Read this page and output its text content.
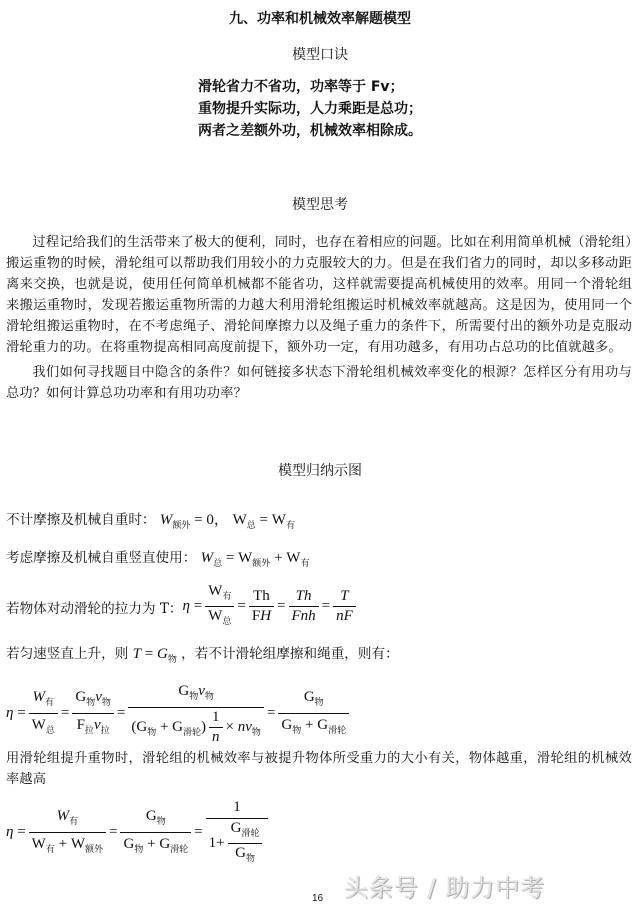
九、功率和机械效率解题模型
模型口诀
滑轮省力不省功，功率等于 Fv；
重物提升实际功，人力乘距是总功；
两者之差额外功，机械效率相除成。
模型思考
过程记给我们的生活带来了极大的便利，同时，也存在着相应的问题。比如在利用简单机械（滑轮组）搬运重物的时候，滑轮组可以帮助我们用较小的力克服较大的力。但是在我们省力的同时，却以多移动距离来交换，也就是说，使用任何简单机械都不能省功，这样就需要提高机械使用的效率。用同一个滑轮组来搬运重物时，发现若搬运重物所需的力越大利用滑轮组搬运时机械效率就越高。这是因为，使用同一个滑轮组搬运重物时，在不考虑绳子、滑轮间摩擦力以及绳子重力的条件下，所需要付出的额外功是克服动滑轮重力的功。在将重物提高相同高度前提下，额外功一定，有用功越多，有用功占总功的比值就越多。
我们如何寻找题目中隐含的条件？如何链接多状态下滑轮组机械效率变化的根源？怎样区分有用功与总功？如何计算总功功率和有用功功率？
模型归纳示图
不计摩擦及机械自重时： $W_{额外} = 0$， $W_总 = W_有$
考虑摩擦及机械自重竖直使用： $W_总 = W_{额外} + W_有$
若物体对动滑轮的拉力为 T： η
= $\frac{W_有}{W_总} = \frac{Th}{FH} = \frac{Th}{\text{Fnh}} = \frac{T}{nF}$
若匀速竖直上升，则 $T = G_物$ ，若不计滑轮组摩擦和绳重，则有：
η
= $\frac{W_有}{W_总} = \frac{G_物v_物}{F_拉v_拉} = \frac{G_物v_物}{(G_物 + G_{滑轮}) \frac{1}{n} \times nv_物} = \frac{G_物}{G_物 + G_{滑轮}}$
用滑轮组提升重物时，滑轮组的机械效率与被提升物体所受重力的大小有关，物体越重，滑轮组的机械效率越高
η
= $\frac{W_有}{W_有 + W_{额外}} = \frac{G_物}{G_物 + G_{滑轮}} = \frac{1}{1+ \frac{G_{滑轮}}{G_物}}$
头条号 / 助力中考
16
